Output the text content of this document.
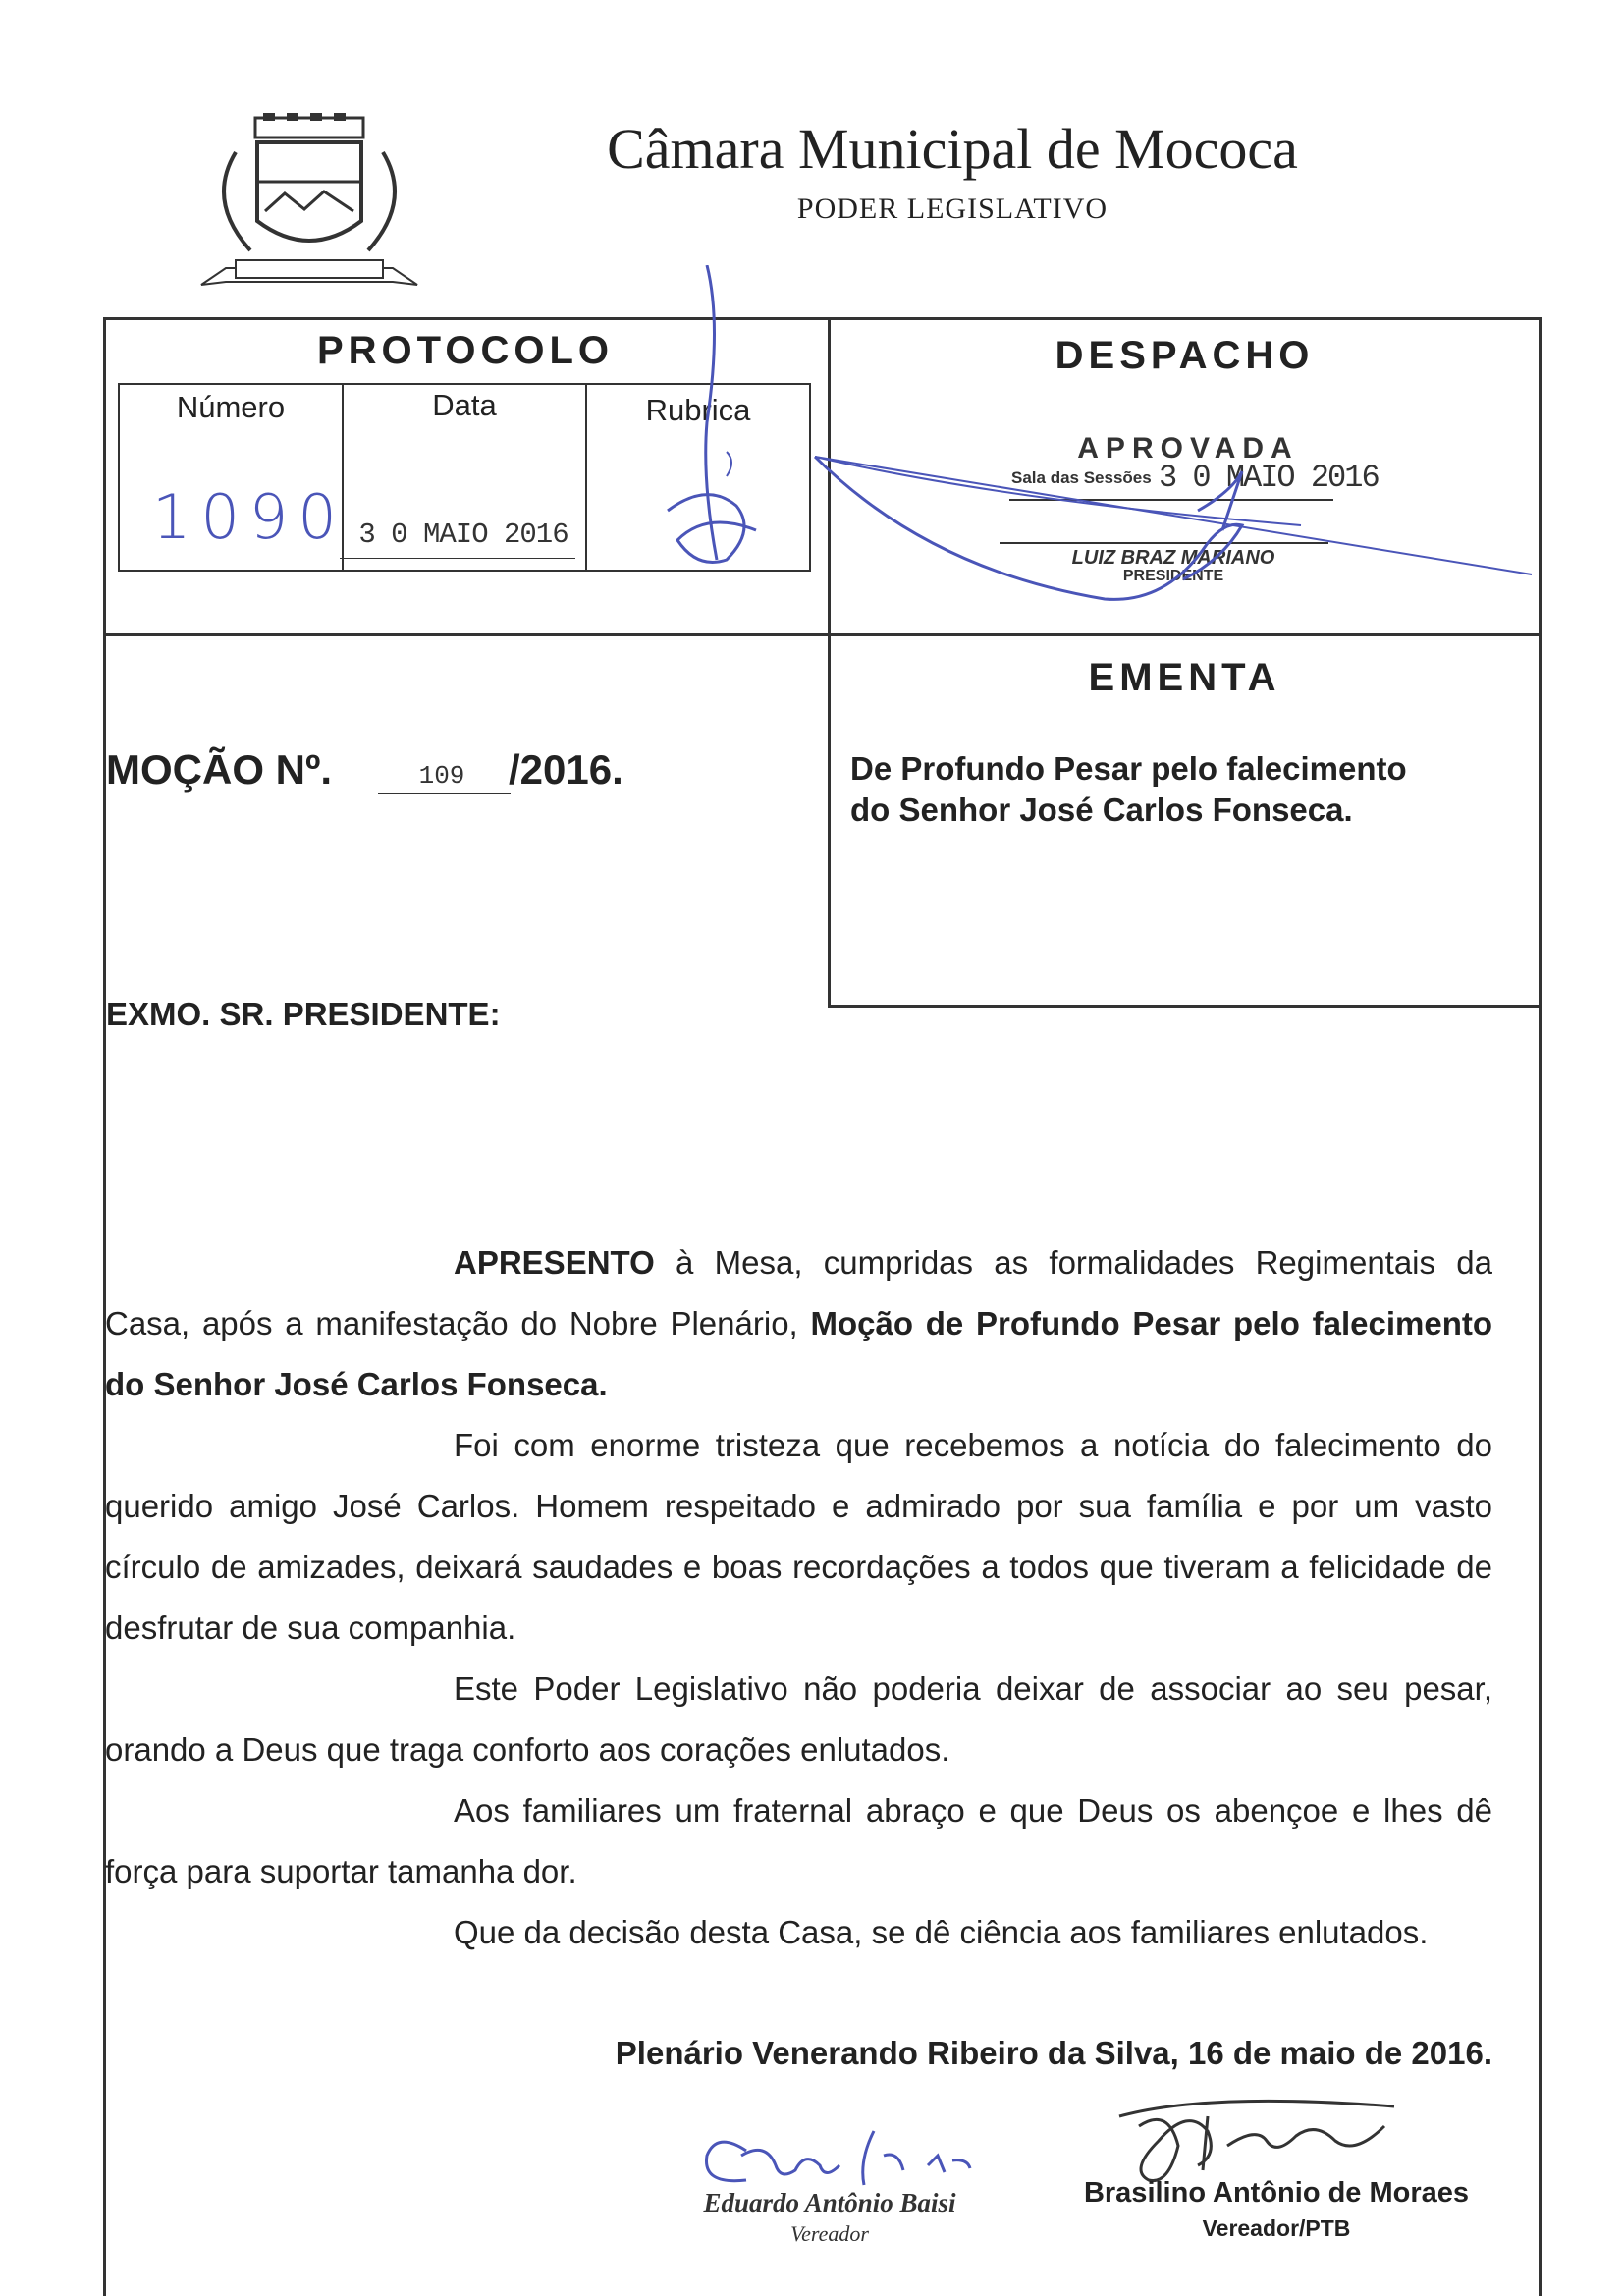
Câmara Municipal de Mococa
PODER LEGISLATIVO
PROTOCOLO
Número	Data	Rubrica
1090 3 0 MAIO 2016
DESPACHO
APROVADA
Sala das Sessões 3 0 MAIO 2016
LUIZ BRAZ MARIANO
PRESIDENTE
EMENTA
De Profundo Pesar pelo falecimento
do Senhor José Carlos Fonseca.
MOÇÃO Nº.	109	/2016.
EXMO. SR. PRESIDENTE:
APRESENTO à Mesa, cumpridas as formalidades Regimentais da Casa, após a manifestação do Nobre Plenário, Moção de Profundo Pesar pelo falecimento do Senhor José Carlos Fonseca.
Foi com enorme tristeza que recebemos a notícia do falecimento do querido amigo José Carlos. Homem respeitado e admirado por sua família e por um vasto círculo de amizades, deixará saudades e boas recordações a todos que tiveram a felicidade de desfrutar de sua companhia.
Este Poder Legislativo não poderia deixar de associar ao seu pesar, orando a Deus que traga conforto aos corações enlutados.
Aos familiares um fraternal abraço e que Deus os abençoe e lhes dê força para suportar tamanha dor.
Que da decisão desta Casa, se dê ciência aos familiares enlutados.
Plenário Venerando Ribeiro da Silva, 16 de maio de 2016.
Eduardo Antônio Baisi
Vereador
Brasilino Antônio de Moraes
Vereador/PTB
